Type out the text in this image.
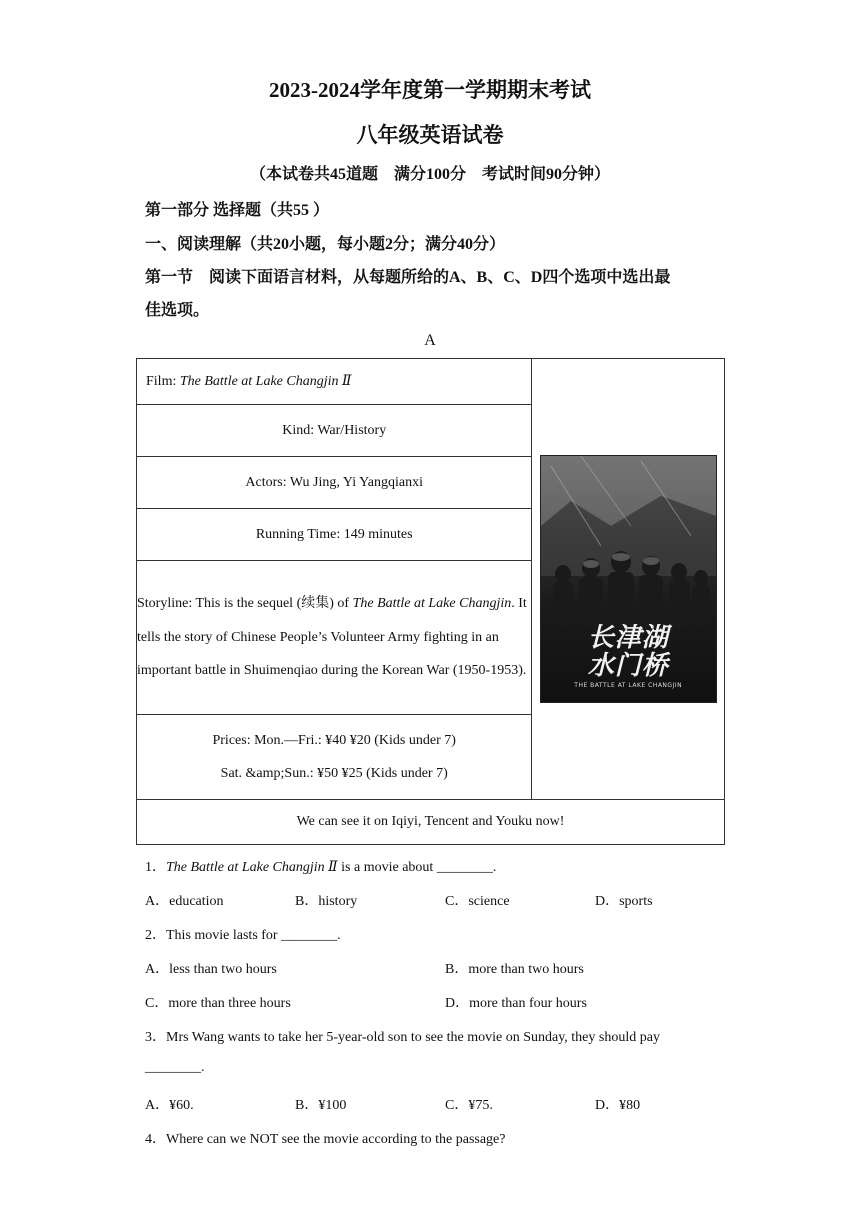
2023-2024学年度第一学期期末考试
八年级英语试卷
（本试卷共45道题　满分100分　考试时间90分钟）
第一部分 选择题（共55 ）
一、阅读理解（共20小题，每小题2分；满分40分）
第一节　阅读下面语言材料，从每题所给的A、B、C、D四个选项中选出最
佳选项。
A
Film: The Battle at Lake Changjin Ⅱ	
长津湖
水门桥
THE BATTLE AT LAKE CHANGJIN

Kind: War/History
Actors: Wu Jing, Yi Yangqianxi
Running Time: 149 minutes
Storyline: This is the sequel (续集) of The Battle at Lake Changjin. It tells the story of Chinese People’s Volunteer Army fighting in an important battle in Shuimenqiao during the Korean War (1950-1953).

Prices: Mon.—Fri.: ¥40 ¥20 (Kids under 7)
Sat. &amp;Sun.: ¥50 ¥25 (Kids under 7)

We can see it on Iqiyi, Tencent and Youku now!
1．The Battle at Lake Changjin Ⅱ is a movie about ________.
A．education	B．history	C．science	D．sports
2．This movie lasts for ________.
A．less than two hours	B．more than two hours
C．more than three hours	D．more than four hours
3．Mrs Wang wants to take her 5-year-old son to see the movie on Sunday, they should pay
________.
A．¥60.	B．¥100	C．¥75.	D．¥80
4．Where can we NOT see the movie according to the passage?
